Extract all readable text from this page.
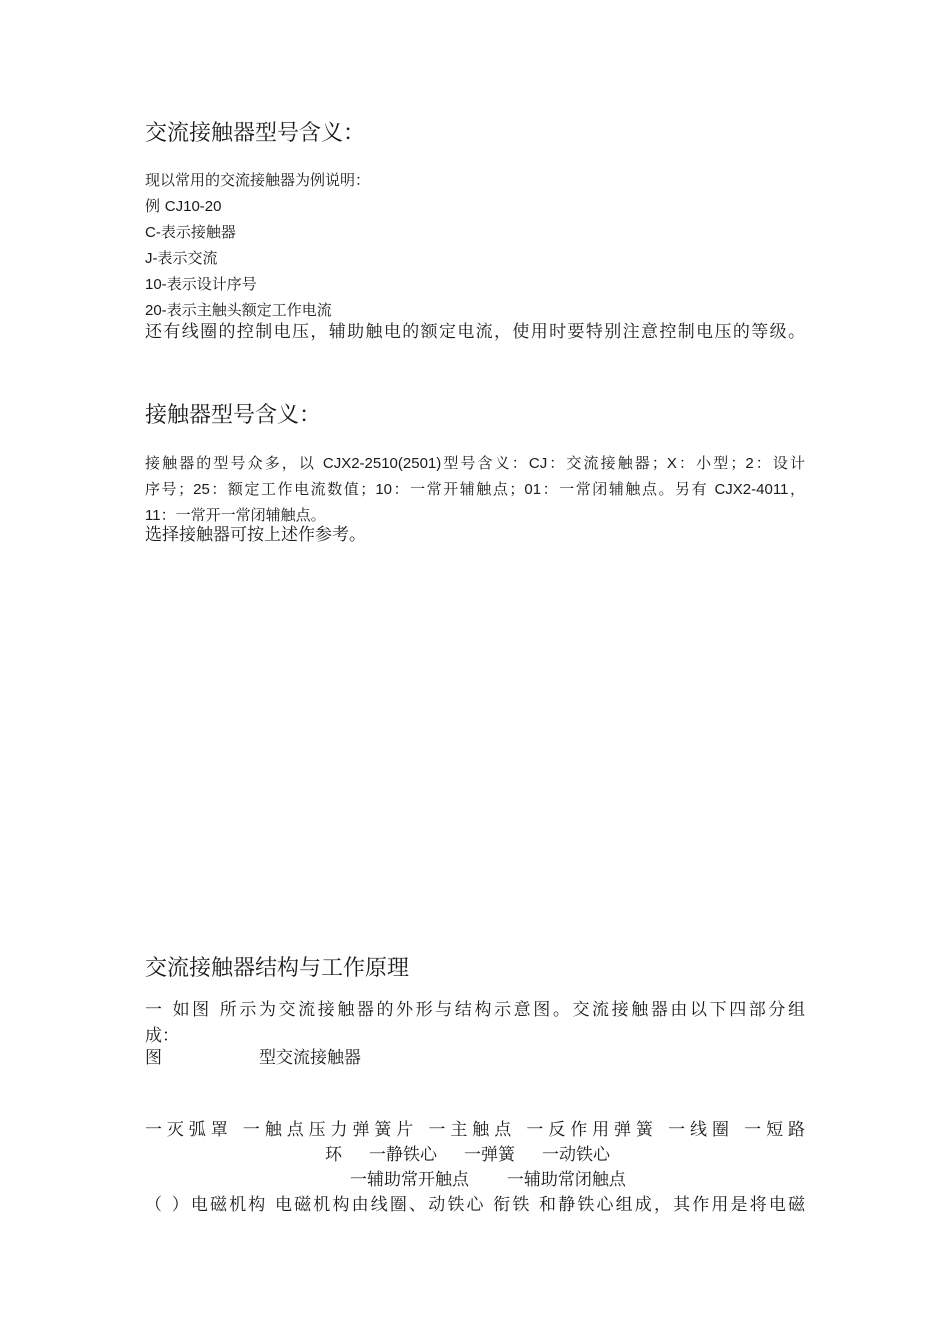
交流接触器型号含义：
现以常用的交流接触器为例说明：
例 CJ10-20
C-表示接触器
J-表示交流
10-表示设计序号
20-表示主触头额定工作电流
还有线圈的控制电压，辅助触电的额定电流，使用时要特别注意控制电压的等级。
接触器型号含义：
接触器的型号众多，以 CJX2-2510(2501)型号含义：CJ：交流接触器；X：小型；2：设计
序号；25：额定工作电流数值；10：一常开辅触点；01：一常闭辅触点。另有 CJX2-4011，
11：一常开一常闭辅触点。
选择接触器可按上述作参考。
交流接触器结构与工作原理
一 如图 所示为交流接触器的外形与结构示意图。交流接触器由以下四部分组
成：
图	型交流接触器
一灭弧罩 一触点压力弹簧片 一主触点 一反作用弹簧 一线圈 一短路
环     一静铁心     一弹簧     一动铁心
一辅助常开触点       一辅助常闭触点
（ ）电磁机构 电磁机构由线圈、动铁心 衔铁 和静铁心组成，其作用是将电磁
